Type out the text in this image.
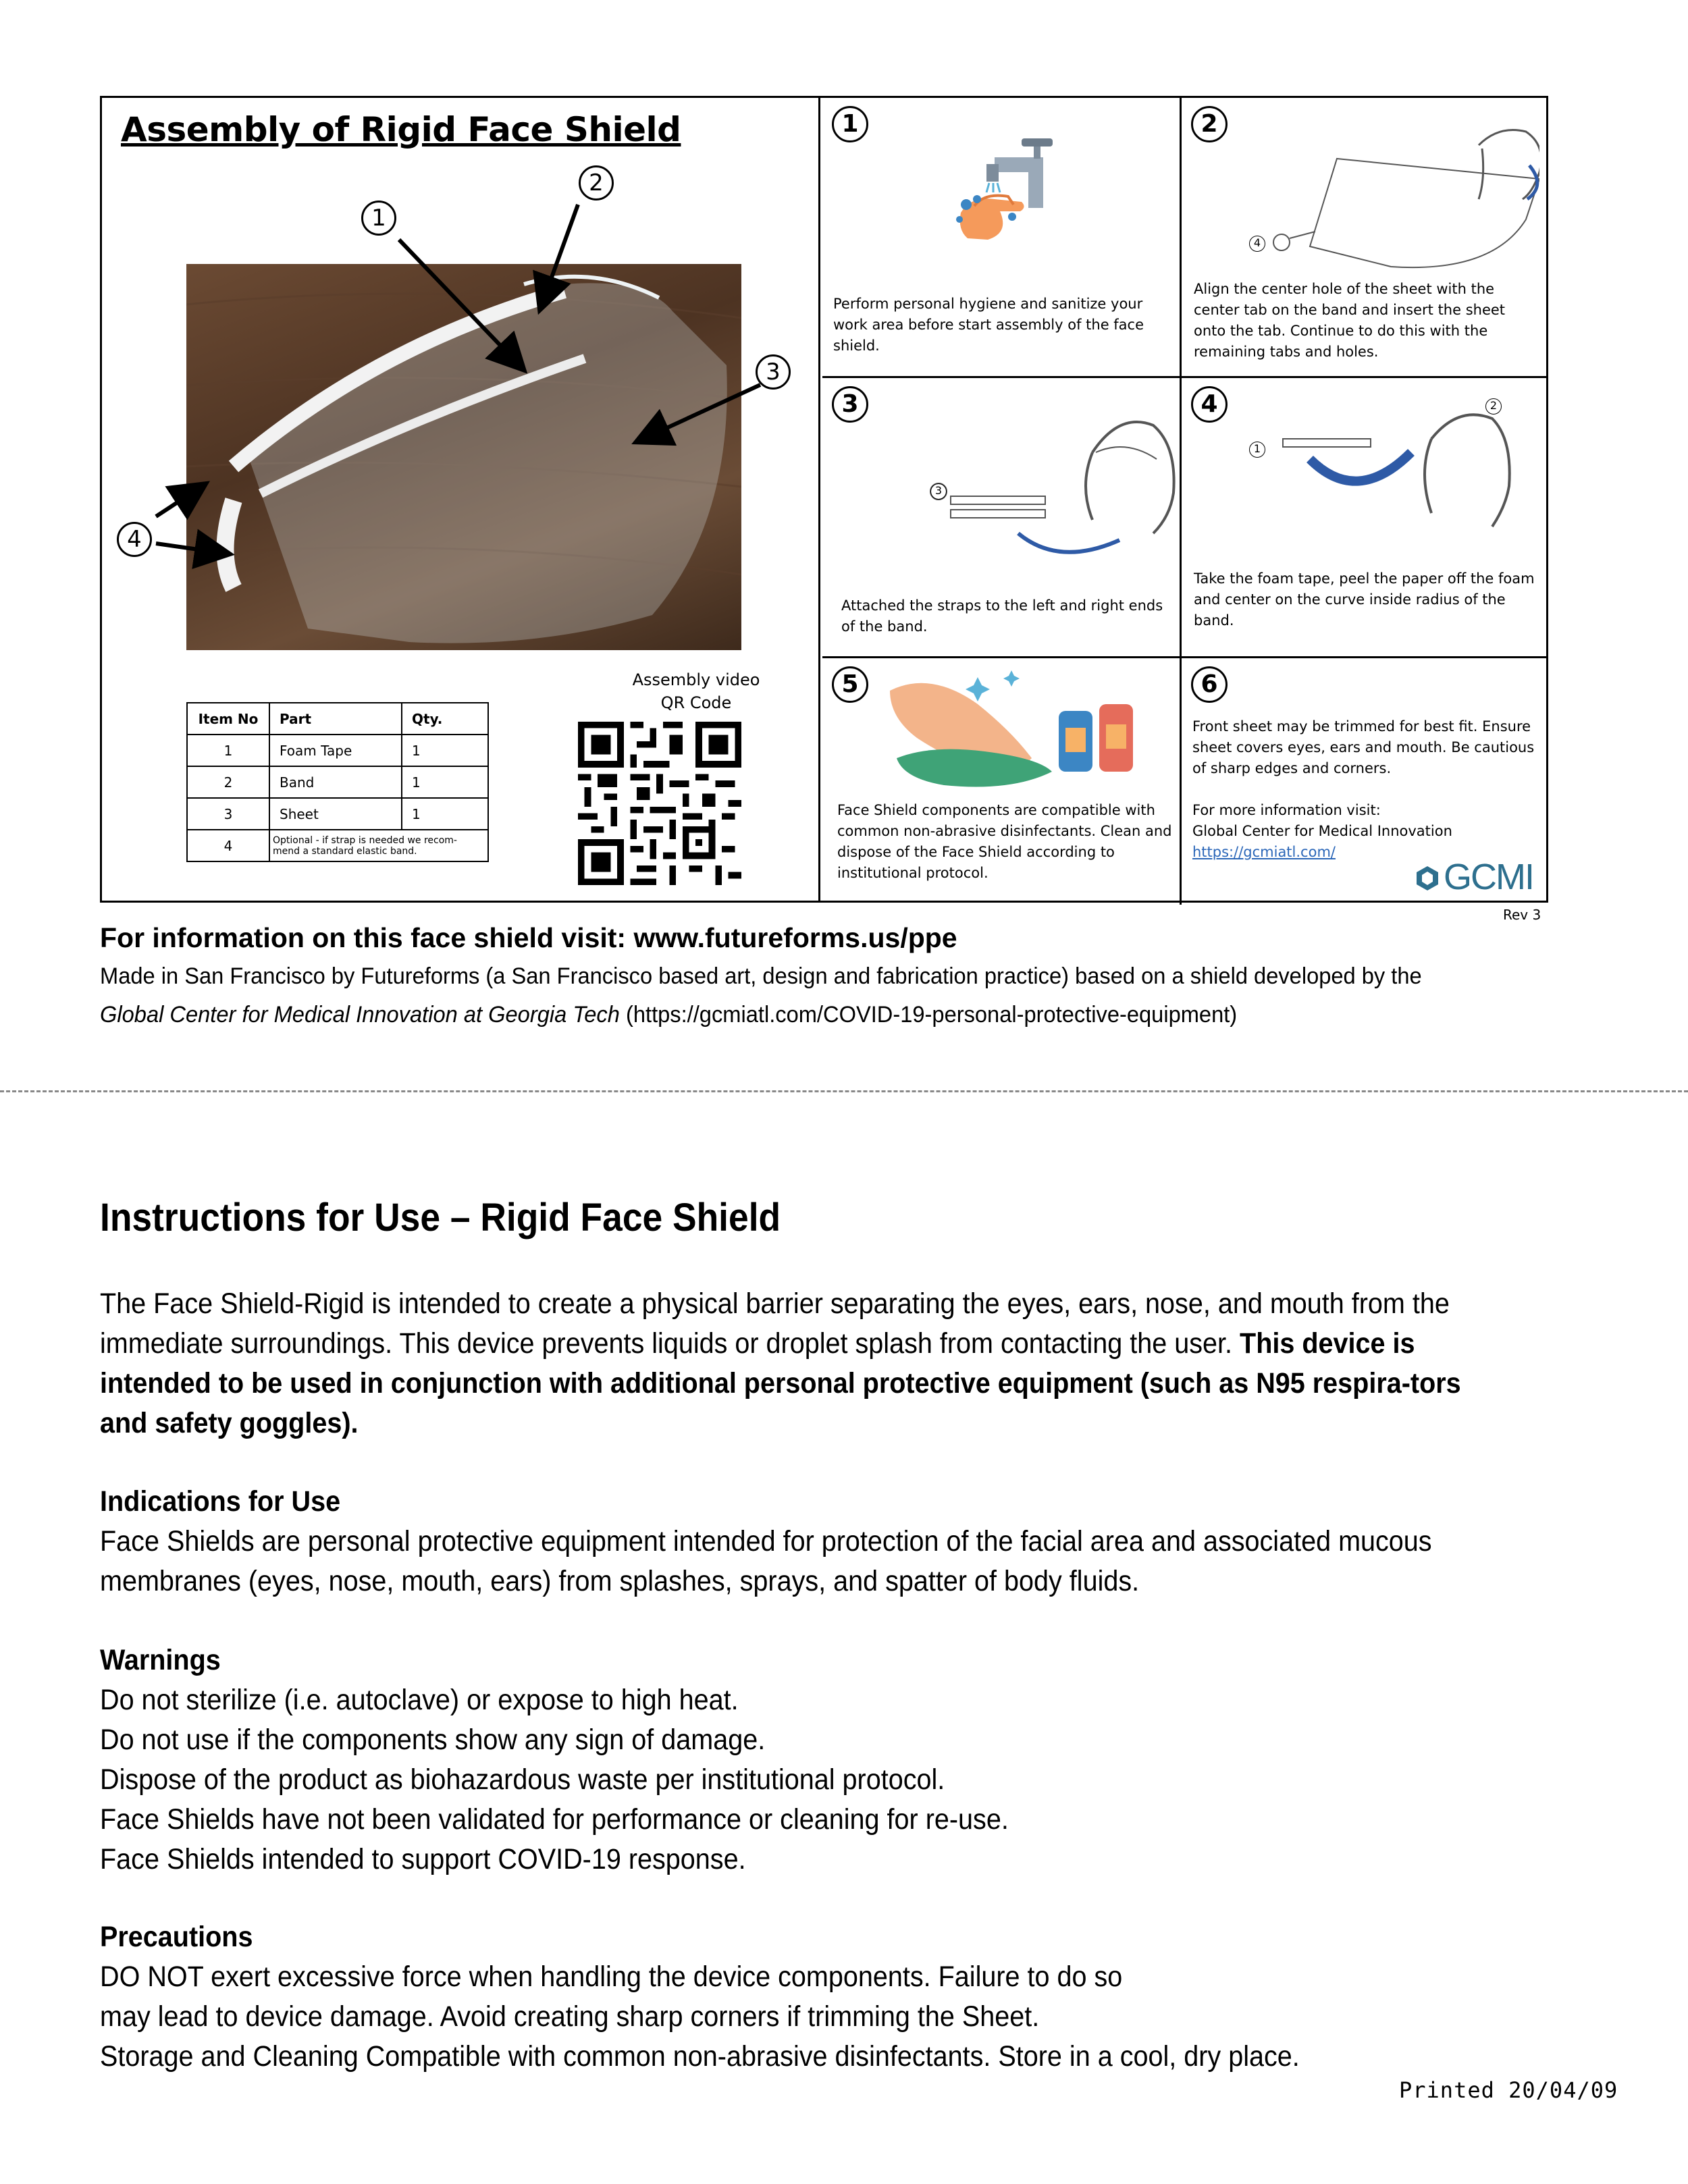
Assembly of Rigid Face Shield
1
2
3
4
Item No	Part	Qty.
1	Foam Tape	1
2	Band	1
3	Sheet	1
4	Optional - if strap is needed we recom-
mend a standard elastic band.	
Assembly video
QR Code
1
Perform personal hygiene and sanitize your work area before start assembly of the face shield.
2
4
Align the center hole of the sheet with the center tab on the band and insert the sheet onto the tab. Continue to do this with the remaining tabs and holes.
3
3
Attached the straps to the left and right ends of the band.
4
1
2
Take the foam tape, peel the paper off the foam and center on the curve inside radius of the band.
5
Face Shield components are compatible with common non-abrasive disinfectants. Clean and dispose of the Face Shield according to institutional protocol.
6
Front sheet may be trimmed for best fit. Ensure sheet covers eyes, ears and mouth. Be cautious of sharp edges and corners.
For more information visit:
Global Center for Medical Innovation
https://gcmiatl.com/
GCMI
Rev 3
For information on this face shield visit: www.futureforms.us/ppe
Made in San Francisco by Futureforms (a San Francisco based art, design and fabrication practice) based on a shield developed by the
Global Center for Medical Innovation at Georgia Tech (https://gcmiatl.com/COVID-19-personal-protective-equipment)
Instructions for Use – Rigid Face Shield
The Face Shield-Rigid is intended to create a physical barrier separating the eyes, ears, nose, and mouth from the immediate surroundings. This device prevents liquids or droplet splash from contacting the user. This device is intended to be used in conjunction with additional personal protective equipment (such as N95 respira-tors and safety goggles).
Indications for Use
Face Shields are personal protective equipment intended for protection of the facial area and associated mucous membranes (eyes, nose, mouth, ears) from splashes, sprays, and spatter of body fluids.
Warnings
Do not sterilize (i.e. autoclave) or expose to high heat.
Do not use if the components show any sign of damage.
Dispose of the product as biohazardous waste per institutional protocol.
Face Shields have not been validated for performance or cleaning for re-use.
Face Shields intended to support COVID-19 response.
Precautions
DO NOT exert excessive force when handling the device components. Failure to do so
may lead to device damage. Avoid creating sharp corners if trimming the Sheet.
Storage and Cleaning Compatible with common non-abrasive disinfectants. Store in a cool, dry place.
Printed 20/04/09
